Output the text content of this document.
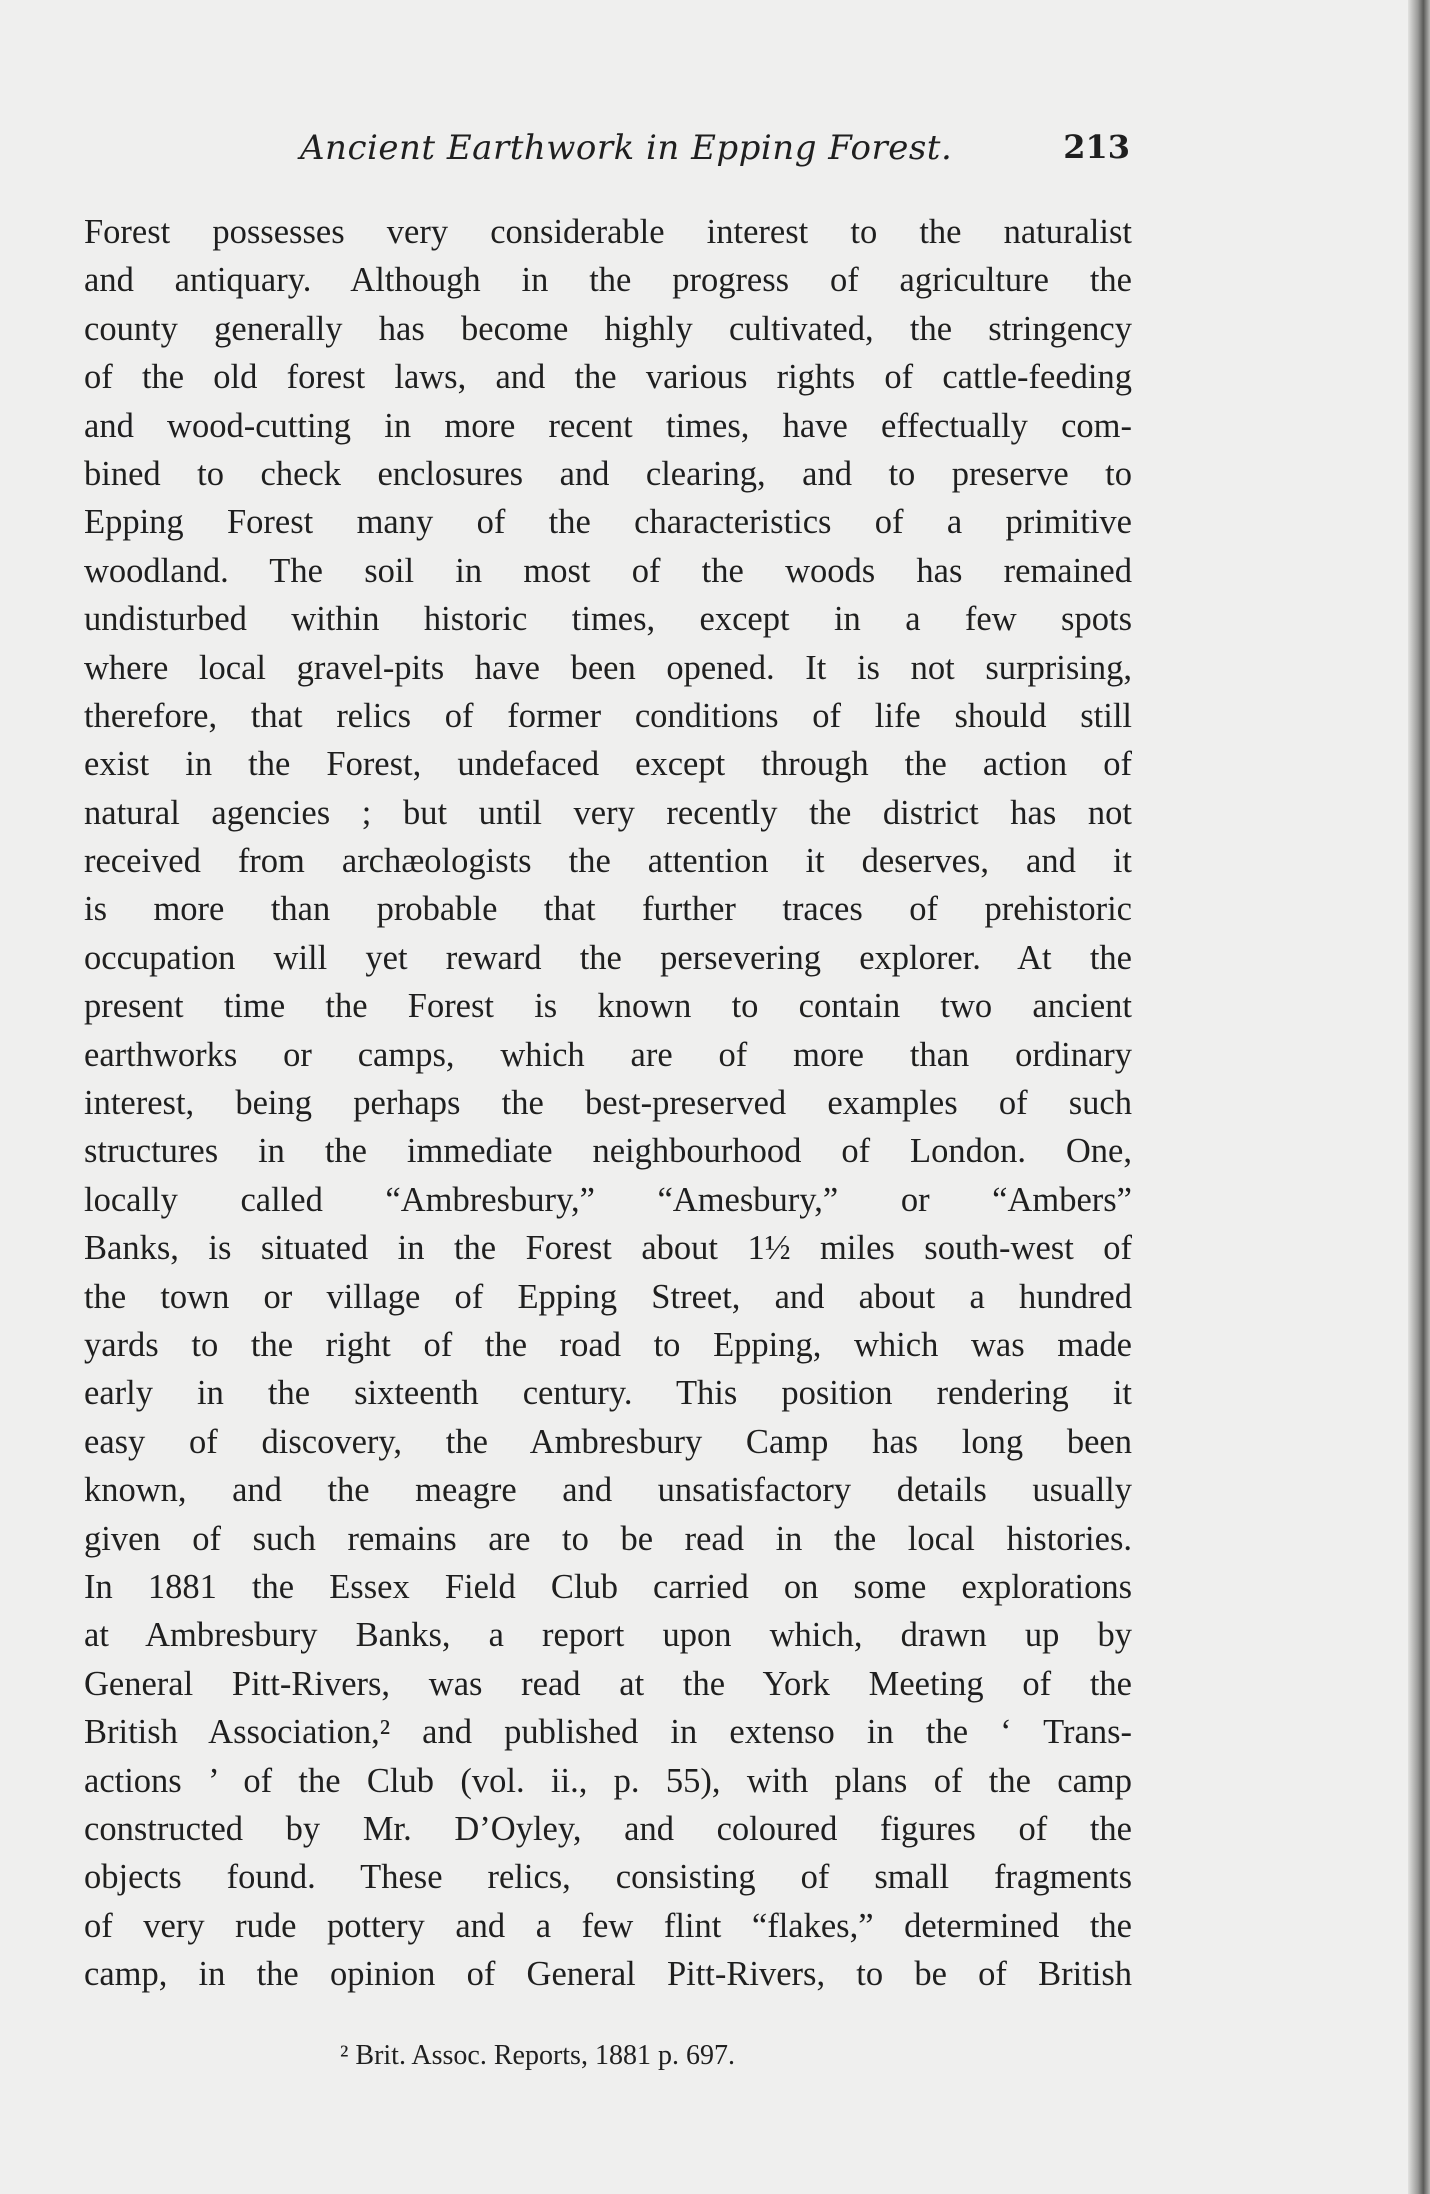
Ancient Earthwork in Epping Forest.	213
Forest possesses very considerable interest to the naturalist
and antiquary. Although in the progress of agriculture the
county generally has become highly cultivated, the stringency
of the old forest laws, and the various rights of cattle-feeding
and wood-cutting in more recent times, have effectually com-
bined to check enclosures and clearing, and to preserve to
Epping Forest many of the characteristics of a primitive
woodland. The soil in most of the woods has remained
undisturbed within historic times, except in a few spots
where local gravel-pits have been opened. It is not surprising,
therefore, that relics of former conditions of life should still
exist in the Forest, undefaced except through the action of
natural agencies ; but until very recently the district has not
received from archæologists the attention it deserves, and it
is more than probable that further traces of prehistoric
occupation will yet reward the persevering explorer. At the
present time the Forest is known to contain two ancient
earthworks or camps, which are of more than ordinary
interest, being perhaps the best-preserved examples of such
structures in the immediate neighbourhood of London. One,
locally called “Ambresbury,” “Amesbury,” or “Ambers”
Banks, is situated in the Forest about 1½ miles south-west of
the town or village of Epping Street, and about a hundred
yards to the right of the road to Epping, which was made
early in the sixteenth century. This position rendering it
easy of discovery, the Ambresbury Camp has long been
known, and the meagre and unsatisfactory details usually
given of such remains are to be read in the local histories.
In 1881 the Essex Field Club carried on some explorations
at Ambresbury Banks, a report upon which, drawn up by
General Pitt-Rivers, was read at the York Meeting of the
British Association,² and published in extenso in the ‘ Trans-
actions ’ of the Club (vol. ii., p. 55), with plans of the camp
constructed by Mr. D’Oyley, and coloured figures of the
objects found. These relics, consisting of small fragments
of very rude pottery and a few flint “flakes,” determined the
camp, in the opinion of General Pitt-Rivers, to be of British
² Brit. Assoc. Reports, 1881 p. 697.
